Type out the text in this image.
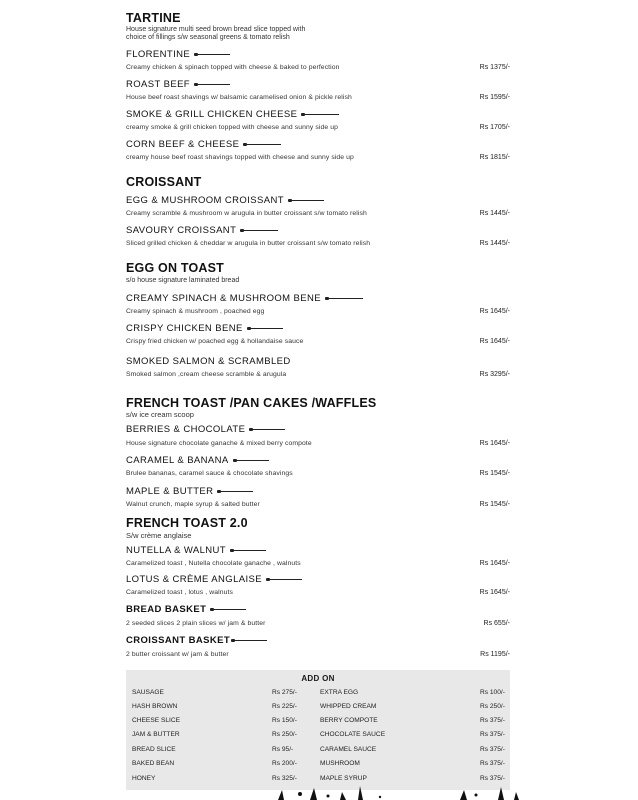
TARTINE
House signature multi seed brown bread slice topped with
choice of fillings s/w seasonal greens & tomato relish
FLORENTINE
Creamy chicken & spinach topped with cheese & baked to perfection	Rs 1375/-
ROAST BEEF
House beef roast shavings w/ balsamic caramelised onion & pickle relish	Rs 1595/-
SMOKE & GRILL CHICKEN CHEESE
creamy smoke & grill chicken topped with cheese and sunny side up	Rs 1705/-
CORN BEEF & CHEESE
creamy house beef roast shavings topped with cheese and sunny side up	Rs 1815/-
CROISSANT
EGG & MUSHROOM CROISSANT
Creamy scramble & mushroom w arugula in butter croissant s/w tomato relish	Rs 1445/-
SAVOURY CROISSANT
Sliced grilled chicken & cheddar w arugula in butter croissant s/w tomato relish	Rs 1445/-
EGG ON TOAST
s/o house signature laminated bread
CREAMY SPINACH & MUSHROOM BENE
Creamy spinach & mushroom , poached egg	Rs 1645/-
CRISPY CHICKEN BENE
Crispy fried chicken w/ poached egg & hollandaise sauce	Rs 1645/-
SMOKED SALMON & SCRAMBLED
Smoked salmon ,cream cheese scramble & arugula	Rs 3295/-
FRENCH TOAST /PAN CAKES /WAFFLES
s/w ice cream scoop
BERRIES & CHOCOLATE
House signature chocolate ganache & mixed berry compote	Rs 1645/-
CARAMEL & BANANA
Brulee bananas, caramel sauce & chocolate shavings	Rs 1545/-
MAPLE & BUTTER
Walnut crunch, maple syrup & salted butter	Rs 1545/-
FRENCH TOAST 2.0
S/w crème anglaise
NUTELLA & WALNUT
Caramelized toast , Nutella chocolate ganache , walnuts	Rs 1645/-
LOTUS & CRÈME ANGLAISE
Caramelized toast , lotus , walnuts	Rs 1645/-
BREAD BASKET
2 seeded slices 2 plain slices w/ jam & butter	Rs 655/-
CROISSANT BASKET
2 butter croissant w/ jam & butter	Rs 1195/-
ADD ON
SAUSAGE	Rs 275/-	EXTRA EGG	Rs 100/-
HASH BROWN	Rs 225/-	WHIPPED CREAM	Rs 250/-
CHEESE SLICE	Rs 150/-	BERRY COMPOTE	Rs 375/-
JAM & BUTTER	Rs 250/-	CHOCOLATE SAUCE	Rs 375/-
BREAD SLICE	Rs 95/-	CARAMEL SAUCE	Rs 375/-
BAKED BEAN	Rs 200/-	MUSHROOM	Rs 375/-
HONEY	Rs 325/-	MAPLE SYRUP	Rs 375/-
